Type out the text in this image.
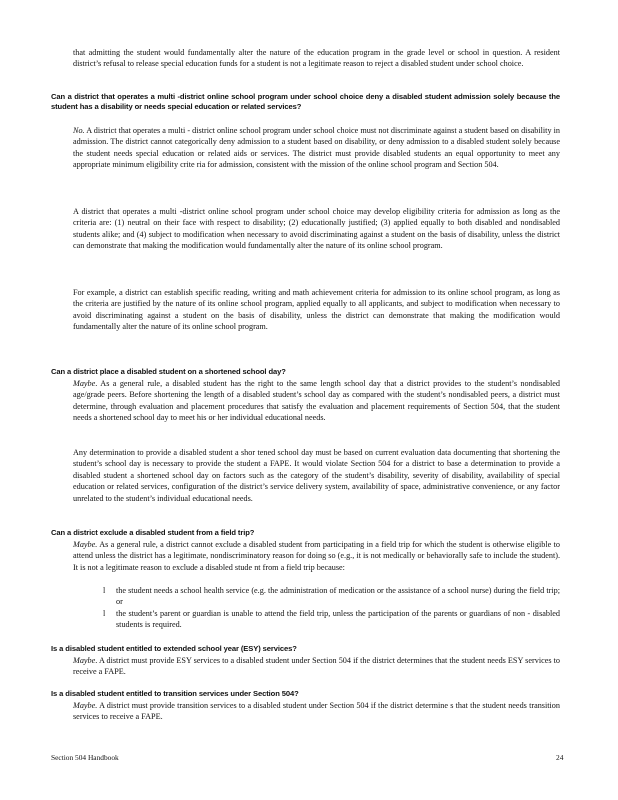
that admitting the student would fundamentally alter the nature of the education program in the grade level or school in question. A resident district’s refusal to release special education funds for a student is not a legitimate reason to reject a disabled student under school choice.

Can a district that operates a multi -district online school program under school choice deny a disabled student admission solely because the student has a disability or needs special education or related services?

No. A district that operates a multi - district online school program under school choice must not discriminate against a student based on disability in admission. The district cannot categorically deny admission to a student based on disability, or deny admission to a disabled student solely because the student needs special education or related aids or services. The district must provide disabled students an equal opportunity to meet any appropriate minimum eligibility crite ria for admission, consistent with the mission of the online school program and Section 504.

A district that operates a multi -district online school program under school choice may develop eligibility criteria for admission as long as the criteria are: (1) neutral on their face with respect to disability; (2) educationally justified; (3) applied equally to both disabled and nondisabled students alike; and (4) subject to modification when necessary to avoid discriminating against a student on the basis of disability, unless the district can demonstrate that making the modification would fundamentally alter the nature of its online school program.

For example, a district can establish specific reading, writing and math achievement criteria for admission to its online school program, as long as the criteria are justified by the nature of its online school program, applied equally to all applicants, and subject to modification when necessary to avoid discriminating against a student on the basis of disability, unless the district can demonstrate that making the modification would fundamentally alter the nature of its online school program.

Can a district place a disabled student on a shortened school day?

Maybe. As a general rule, a disabled student has the right to the same length school day that a district provides to the student’s nondisabled age/grade peers. Before shortening the length of a disabled student’s school day as compared with the student’s nondisabled peers, a district must determine, through evaluation and placement procedures that satisfy the evaluation and placement requirements of Section 504, that the student needs a shortened school day to meet his or her individual educational needs.

Any determination to provide a disabled student a shor tened school day must be based on current evaluation data documenting that shortening the student’s school day is necessary to provide the student a FAPE. It would violate Section 504 for a district to base a determination to provide a disabled student a shortened school day on factors such as the category of the student’s disability, severity of disability, availability of special education or related services, configuration of the district’s service delivery system, availability of space, administrative convenience, or any factor unrelated to the student’s individual educational needs.

Can a district exclude a disabled student from a field trip?

Maybe. As a general rule, a district cannot exclude a disabled student from participating in a field trip for which the student is otherwise eligible to attend unless the district has a legitimate, nondiscriminatory reason for doing so (e.g., it is not medically or behaviorally safe to include the student). It is not a legitimate reason to exclude a disabled stude nt from a field trip because:

l the student needs a school health service (e.g. the administration of medication or the assistance of a school nurse) during the field trip; or
l the student’s parent or guardian is unable to attend the field trip, unless the participation of the parents or guardians of non - disabled students is required.

Is a disabled student entitled to extended school year (ESY) services?

Maybe. A district must provide ESY services to a disabled student under Section 504 if the district determines that the student needs ESY services to receive a FAPE.

Is a disabled student entitled to transition services under Section 504?

Maybe. A district must provide transition services to a disabled student under Section 504 if the district determine s that the student needs transition services to receive a FAPE.

Section 504 Handbook	24
